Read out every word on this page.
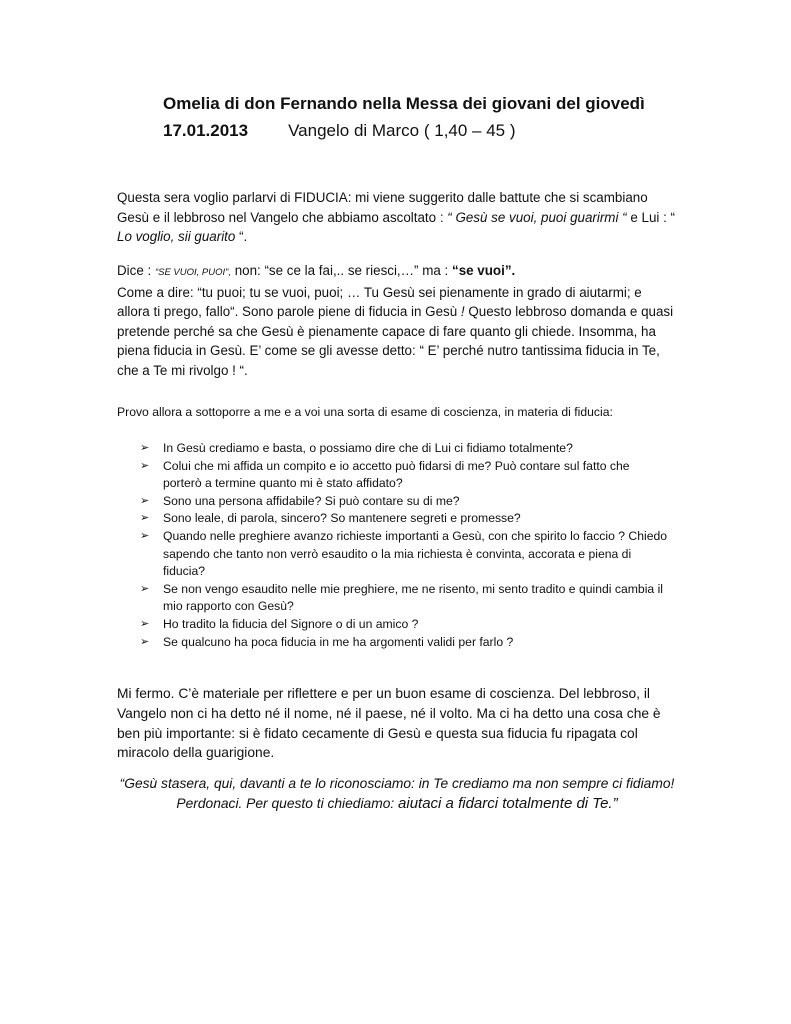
Omelia di don Fernando nella Messa dei giovani del giovedì
17.01.2013 Vangelo di Marco ( 1,40 – 45 )

Questa sera voglio parlarvi di FIDUCIA: mi viene suggerito dalle battute che si scambiano Gesù e il lebbroso nel Vangelo che abbiamo ascoltato : “ Gesù se vuoi, puoi guarirmi “ e Lui : “ Lo voglio, sii guarito “.

Dice : “SE VUOI, PUOI”, non: “se ce la fai,.. se riesci,…” ma : “se vuoi”.
Come a dire: “tu puoi; tu se vuoi, puoi; … Tu Gesù sei pienamente in grado di aiutarmi; e allora ti prego, fallo“. Sono parole piene di fiducia in Gesù ! Questo lebbroso domanda e quasi pretende perché sa che Gesù è pienamente capace di fare quanto gli chiede. Insomma, ha piena fiducia in Gesù. E’ come se gli avesse detto: “ E’ perché nutro tantissima fiducia in Te, che a Te mi rivolgo ! “.

Provo allora a sottoporre a me e a voi una sorta di esame di coscienza, in materia di fiducia:

➢ In Gesù crediamo e basta, o possiamo dire che di Lui ci fidiamo totalmente?
➢ Colui che mi affida un compito e io accetto può fidarsi di me? Può contare sul fatto che porterò a termine quanto mi è stato affidato?
➢ Sono una persona affidabile? Si può contare su di me?
➢ Sono leale, di parola, sincero? So mantenere segreti e promesse?
➢ Quando nelle preghiere avanzo richieste importanti a Gesù, con che spirito lo faccio ? Chiedo sapendo che tanto non verrò esaudito o la mia richiesta è convinta, accorata e piena di fiducia?
➢ Se non vengo esaudito nelle mie preghiere, me ne risento, mi sento tradito e quindi cambia il mio rapporto con Gesù?
➢ Ho tradito la fiducia del Signore o di un amico ?
➢ Se qualcuno ha poca fiducia in me ha argomenti validi per farlo ?

Mi fermo. C’è materiale per riflettere e per un buon esame di coscienza. Del lebbroso, il Vangelo non ci ha detto né il nome, né il paese, né il volto. Ma ci ha detto una cosa che è ben più importante: si è fidato cecamente di Gesù e questa sua fiducia fu ripagata col miracolo della guarigione.

“Gesù stasera, qui, davanti a te lo riconosciamo: in Te crediamo ma non sempre ci fidiamo! Perdonaci. Per questo ti chiediamo: aiutaci a fidarci totalmente di Te.”
